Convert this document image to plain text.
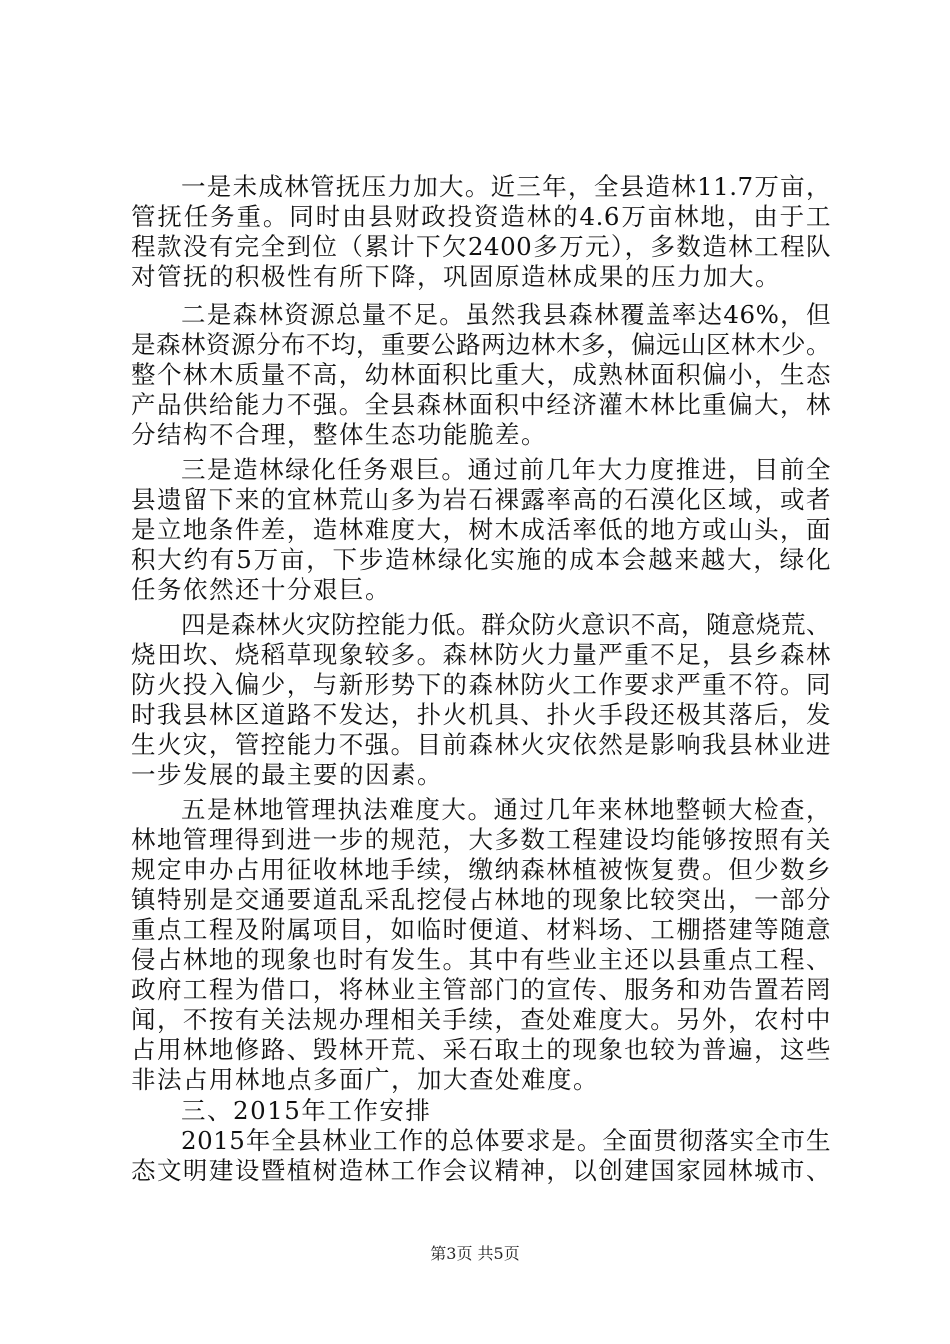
一是未成林管抚压力加大。近三年，全县造林11.7万亩，
管抚任务重。同时由县财政投资造林的4.6万亩林地，由于工
程款没有完全到位（累计下欠2400多万元），多数造林工程队
对管抚的积极性有所下降，巩固原造林成果的压力加大。
二是森林资源总量不足。虽然我县森林覆盖率达46%，但
是森林资源分布不均，重要公路两边林木多，偏远山区林木少。
整个林木质量不高，幼林面积比重大，成熟林面积偏小，生态
产品供给能力不强。全县森林面积中经济灌木林比重偏大，林
分结构不合理，整体生态功能脆差。
三是造林绿化任务艰巨。通过前几年大力度推进，目前全
县遗留下来的宜林荒山多为岩石裸露率高的石漠化区域，或者
是立地条件差，造林难度大，树木成活率低的地方或山头，面
积大约有5万亩，下步造林绿化实施的成本会越来越大，绿化
任务依然还十分艰巨。
四是森林火灾防控能力低。群众防火意识不高，随意烧荒、
烧田坎、烧稻草现象较多。森林防火力量严重不足，县乡森林
防火投入偏少，与新形势下的森林防火工作要求严重不符。同
时我县林区道路不发达，扑火机具、扑火手段还极其落后，发
生火灾，管控能力不强。目前森林火灾依然是影响我县林业进
一步发展的最主要的因素。
五是林地管理执法难度大。通过几年来林地整顿大检查，
林地管理得到进一步的规范，大多数工程建设均能够按照有关
规定申办占用征收林地手续，缴纳森林植被恢复费。但少数乡
镇特别是交通要道乱采乱挖侵占林地的现象比较突出，一部分
重点工程及附属项目，如临时便道、材料场、工棚搭建等随意
侵占林地的现象也时有发生。其中有些业主还以县重点工程、
政府工程为借口，将林业主管部门的宣传、服务和劝告置若罔
闻，不按有关法规办理相关手续，查处难度大。另外，农村中
占用林地修路、毁林开荒、采石取土的现象也较为普遍，这些
非法占用林地点多面广，加大查处难度。
三、2015年工作安排
2015年全县林业工作的总体要求是。全面贯彻落实全市生
态文明建设暨植树造林工作会议精神，以创建国家园林城市、
第3页 共5页
